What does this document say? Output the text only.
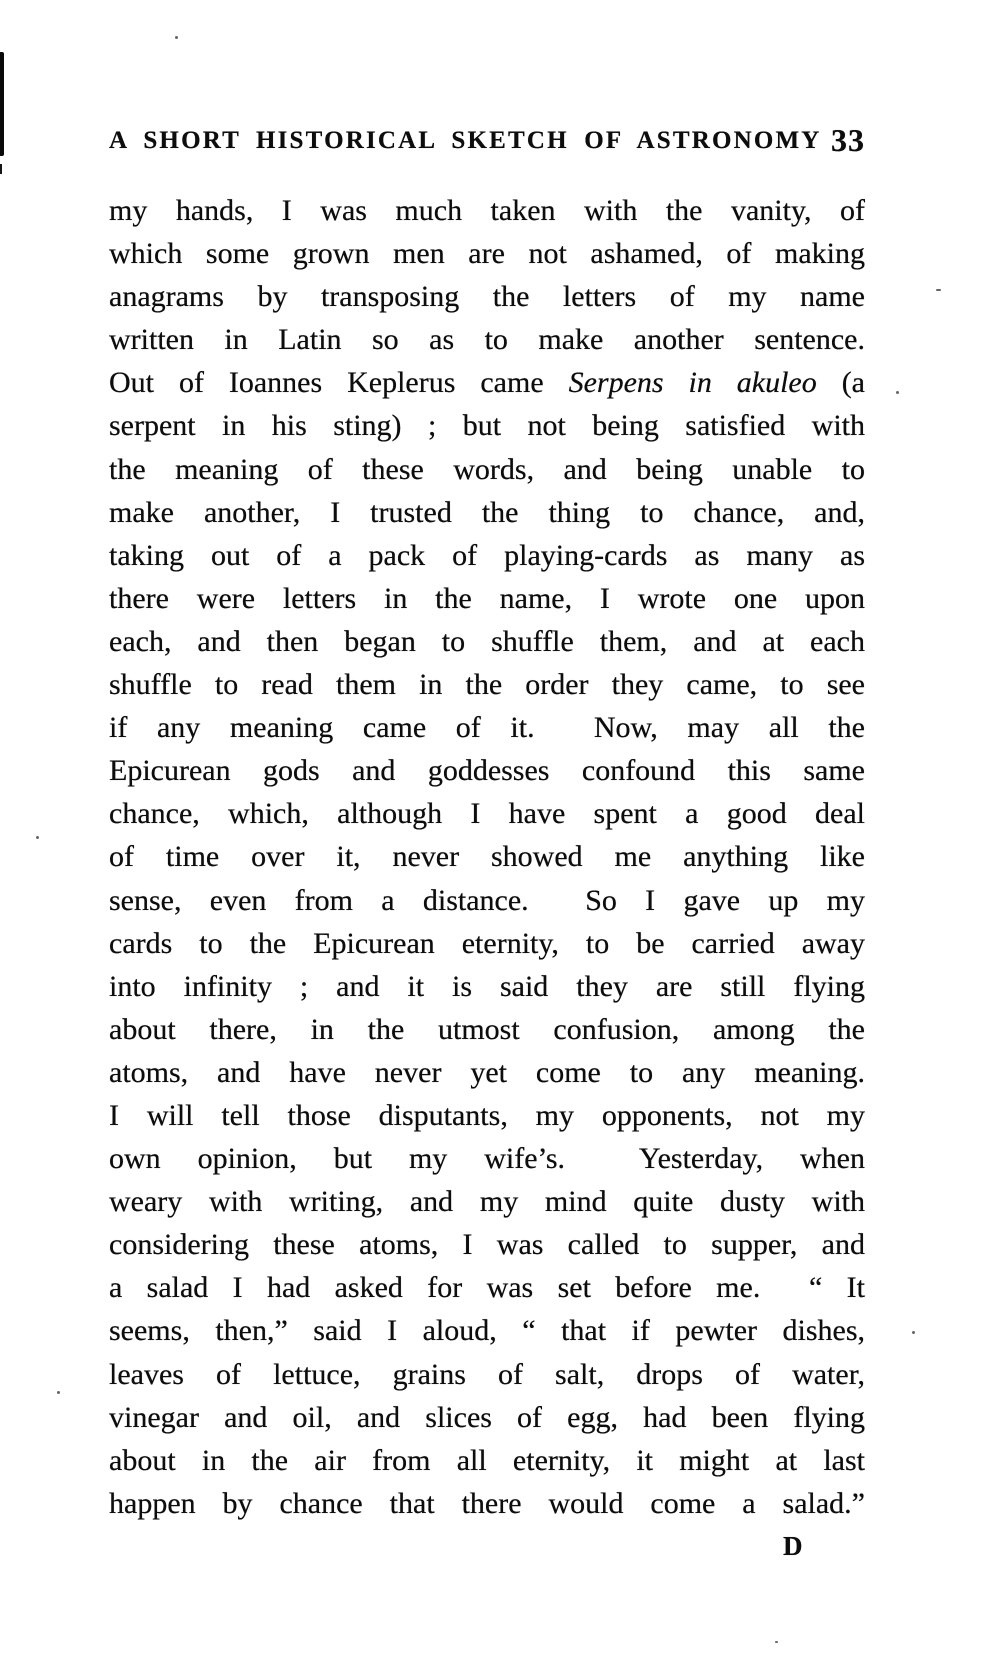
A SHORT HISTORICAL SKETCH OF ASTRONOMY 33
my hands, I was much taken with the vanity, of
which some grown men are not ashamed, of making
anagrams by transposing the letters of my name
written in Latin so as to make another sentence.
Out of Ioannes Keplerus came Serpens in akuleo (a
serpent in his sting) ; but not being satisfied with
the meaning of these words, and being unable to
make another, I trusted the thing to chance, and,
taking out of a pack of playing-cards as many as
there were letters in the name, I wrote one upon
each, and then began to shuffle them, and at each
shuffle to read them in the order they came, to see
if any meaning came of it.  Now, may all the
Epicurean gods and goddesses confound this same
chance, which, although I have spent a good deal
of time over it, never showed me anything like
sense, even from a distance.  So I gave up my
cards to the Epicurean eternity, to be carried away
into infinity ; and it is said they are still flying
about there, in the utmost confusion, among the
atoms, and have never yet come to any meaning.
I will tell those disputants, my opponents, not my
own opinion, but my wife’s.  Yesterday, when
weary with writing, and my mind quite dusty with
considering these atoms, I was called to supper, and
a salad I had asked for was set before me.  “ It
seems, then,” said I aloud, “ that if pewter dishes,
leaves of lettuce, grains of salt, drops of water,
vinegar and oil, and slices of egg, had been flying
about in the air from all eternity, it might at last
happen by chance that there would come a salad.”
D
